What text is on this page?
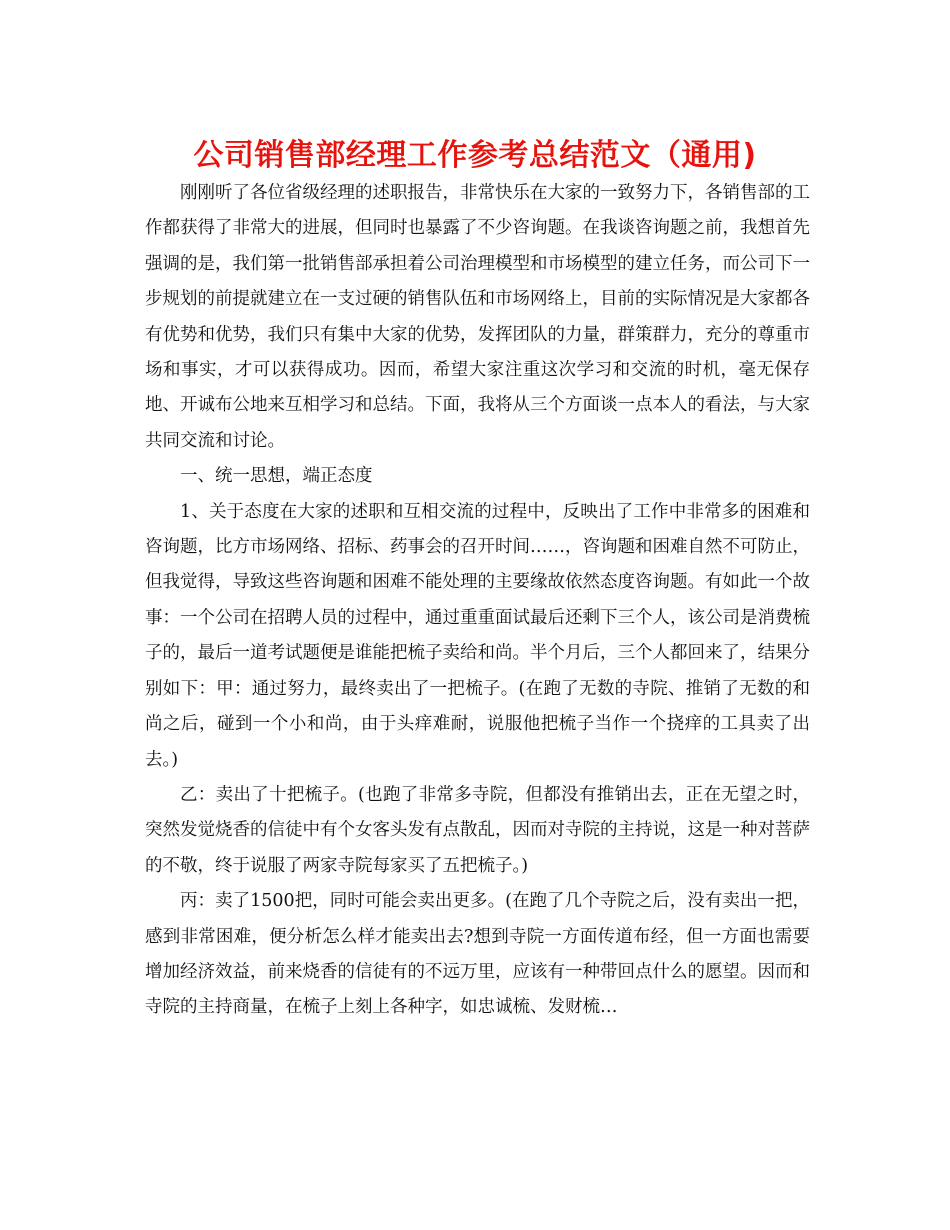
公司销售部经理工作参考总结范文（通用)

刚刚听了各位省级经理的述职报告，非常快乐在大家的一致努力下，各销售部的工作都获得了非常大的进展，但同时也暴露了不少咨询题。在我谈咨询题之前，我想首先强调的是，我们第一批销售部承担着公司治理模型和市场模型的建立任务，而公司下一步规划的前提就建立在一支过硬的销售队伍和市场网络上，目前的实际情况是大家都各有优势和优势，我们只有集中大家的优势，发挥团队的力量，群策群力，充分的尊重市场和事实，才可以获得成功。因而，希望大家注重这次学习和交流的时机，毫无保存地、开诚布公地来互相学习和总结。下面，我将从三个方面谈一点本人的看法，与大家共同交流和讨论。

一、统一思想，端正态度

1、关于态度在大家的述职和互相交流的过程中，反映出了工作中非常多的困难和咨询题，比方市场网络、招标、药事会的召开时间……，咨询题和困难自然不可防止，但我觉得，导致这些咨询题和困难不能处理的主要缘故依然态度咨询题。有如此一个故事：一个公司在招聘人员的过程中，通过重重面试最后还剩下三个人，该公司是消费梳子的，最后一道考试题便是谁能把梳子卖给和尚。半个月后，三个人都回来了，结果分别如下：甲：通过努力，最终卖出了一把梳子。(在跑了无数的寺院、推销了无数的和尚之后，碰到一个小和尚，由于头痒难耐，说服他把梳子当作一个挠痒的工具卖了出去。)

乙：卖出了十把梳子。(也跑了非常多寺院，但都没有推销出去，正在无望之时，突然发觉烧香的信徒中有个女客头发有点散乱，因而对寺院的主持说，这是一种对菩萨的不敬，终于说服了两家寺院每家买了五把梳子。)

丙：卖了1500把，同时可能会卖出更多。(在跑了几个寺院之后，没有卖出一把，感到非常困难，便分析怎么样才能卖出去?想到寺院一方面传道布经，但一方面也需要增加经济效益，前来烧香的信徒有的不远万里，应该有一种带回点什么的愿望。因而和寺院的主持商量，在梳子上刻上各种字，如忠诚梳、发财梳…
